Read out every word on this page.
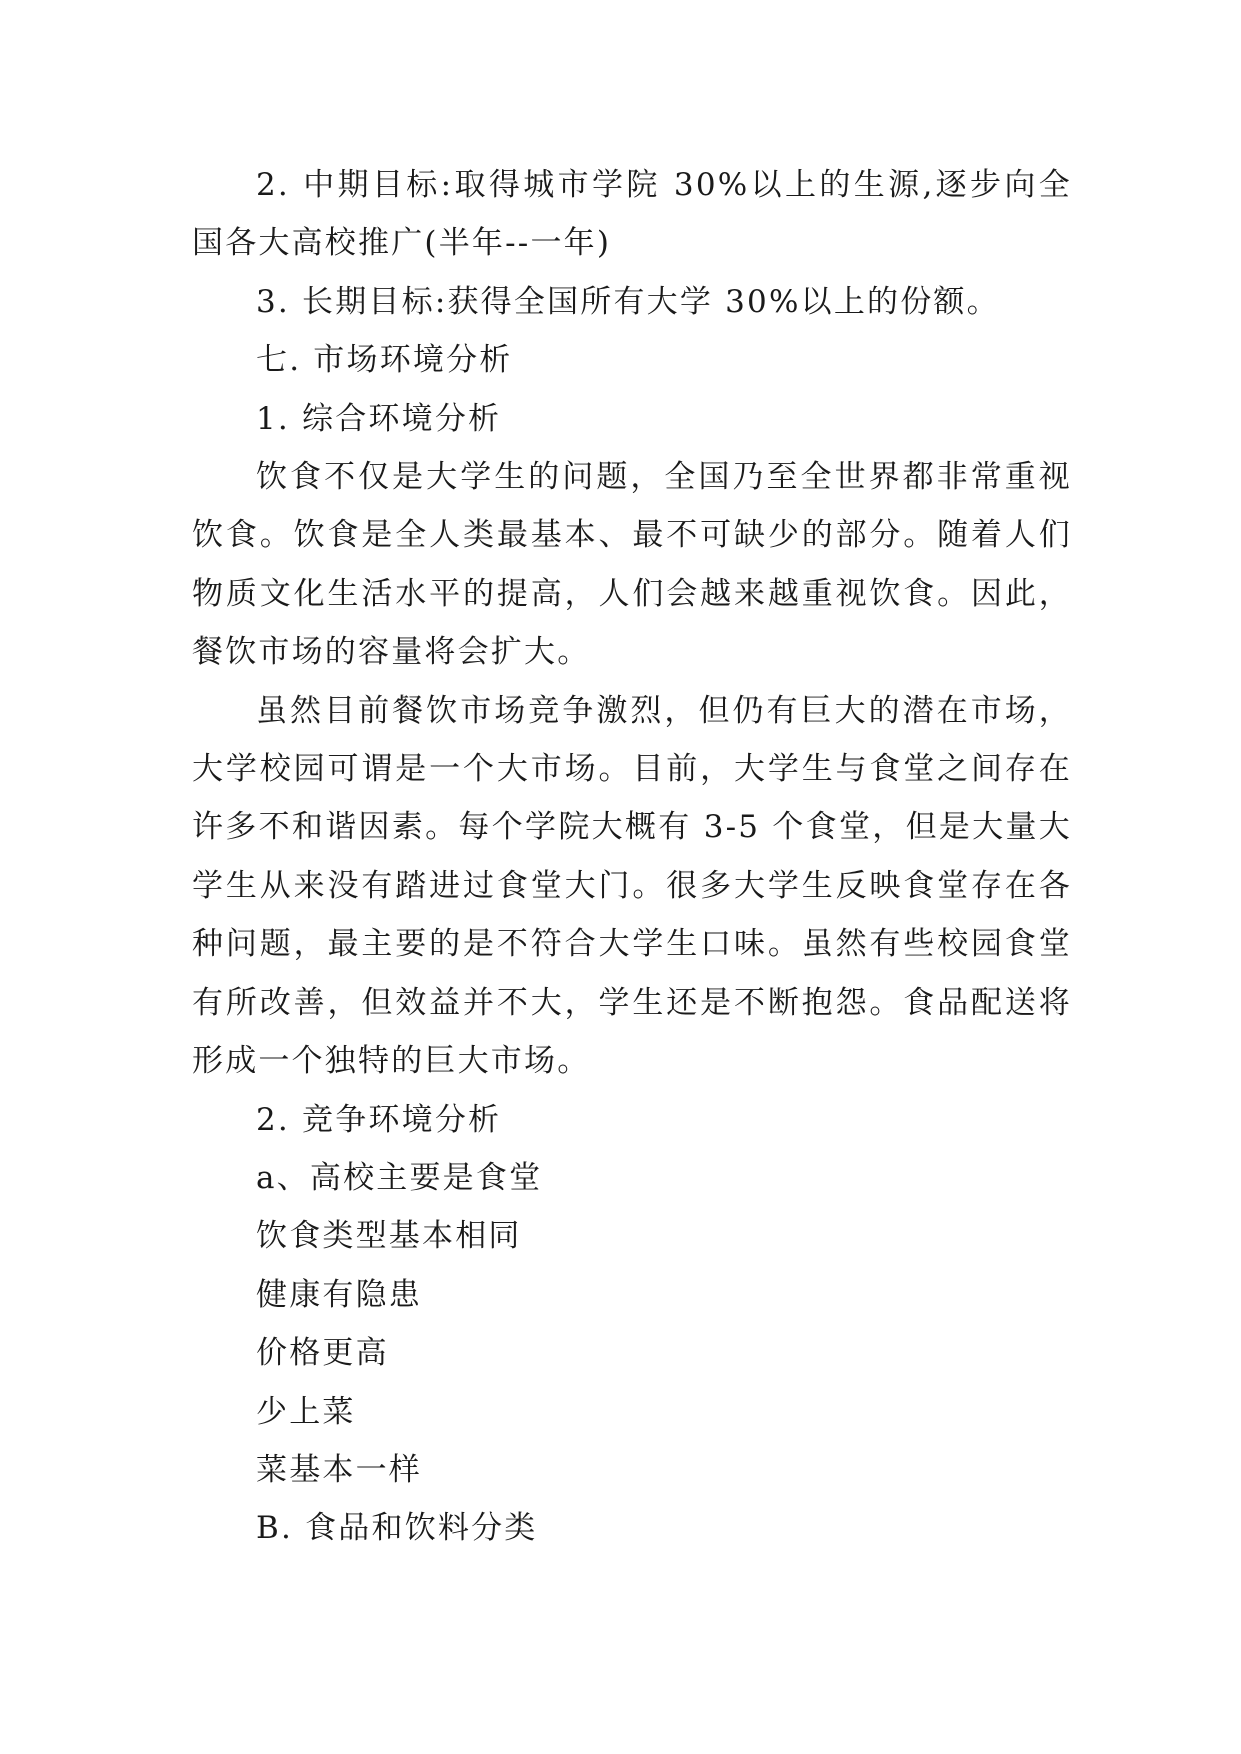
2. 中期目标:取得城市学院 30%以上的生源,逐步向全国各大高校推广(半年--一年)

3. 长期目标:获得全国所有大学 30%以上的份额。

七. 市场环境分析

1. 综合环境分析

饮食不仅是大学生的问题，全国乃至全世界都非常重视饮食。饮食是全人类最基本、最不可缺少的部分。随着人们物质文化生活水平的提高，人们会越来越重视饮食。因此，餐饮市场的容量将会扩大。

虽然目前餐饮市场竞争激烈，但仍有巨大的潜在市场，大学校园可谓是一个大市场。目前，大学生与食堂之间存在许多不和谐因素。每个学院大概有 3-5 个食堂，但是大量大学生从来没有踏进过食堂大门。很多大学生反映食堂存在各种问题，最主要的是不符合大学生口味。虽然有些校园食堂有所改善，但效益并不大，学生还是不断抱怨。食品配送将形成一个独特的巨大市场。

2. 竞争环境分析

a、高校主要是食堂

饮食类型基本相同

健康有隐患

价格更高

少上菜

菜基本一样

B. 食品和饮料分类
